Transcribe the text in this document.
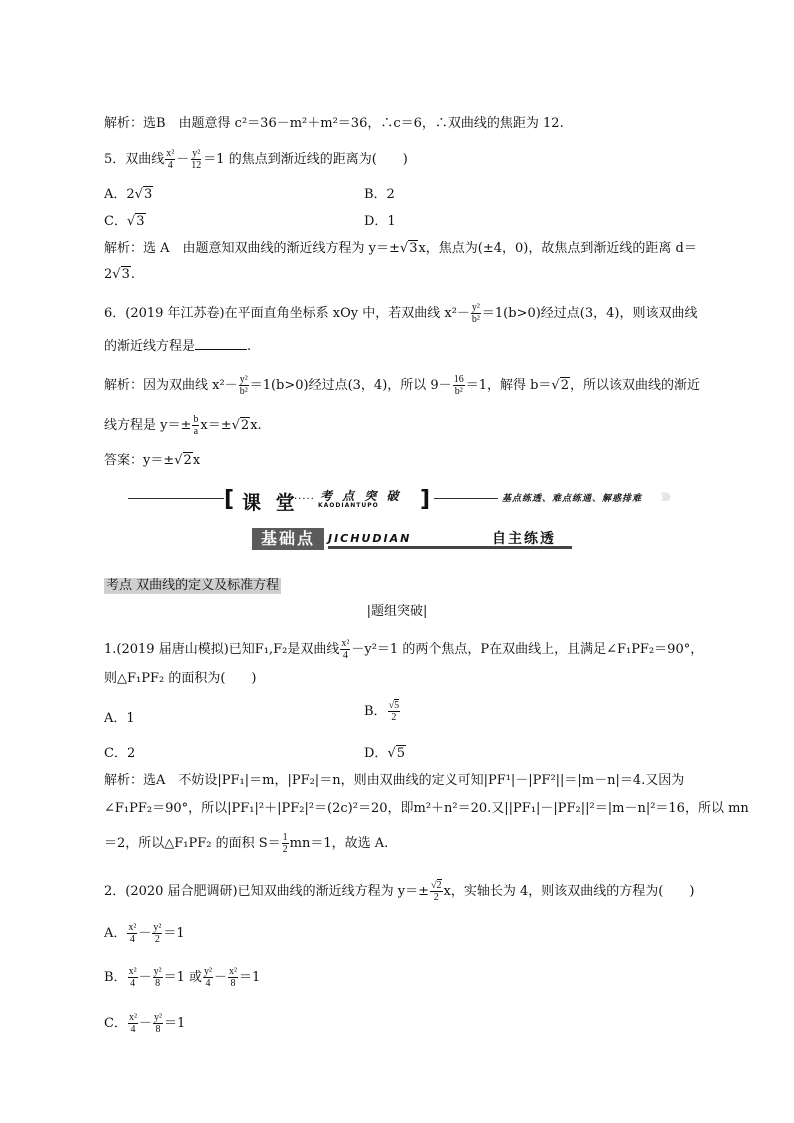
解析：选B　由题意得 c²＝36－m²＋m²＝36，∴c＝6，∴双曲线的焦距为 12.
5．双曲线 $\frac{\text{x²}}{4} - \frac{\text{y²}}{12} =1$ 的焦点到渐近线的距离为(　　)
A．2√3	B．2
C．√3	D．1
解析：选 A　由题意知双曲线的渐近线方程为 y＝±√3x，焦点为(±4，0)，故焦点到渐近线的距离 d＝
2√3.
6．(2019 年江苏卷)在平面直角坐标系 xOy 中，若双曲线 $x^2- \frac{\text{y²}}{\text{b²}} =1(b>0)$经过点(3，4)，则该双曲线
的渐近线方程是	.
解析：因为双曲线 $x^2- \frac{\text{y²}}{\text{b²}} =1(b>0)$经过点(3，4)，所以 $9- \frac{16}{\text{b²}} =1$，解得 b＝√2，所以该双曲线的渐近
线方程是 $y=\pm \frac{b}{a} x=\pm√2x$.
答案：y＝±√2x
[ 课 堂
····· 考 点 突 破
KAODIANTUPO ]	基点练透、难点练通、解惑排难 》》》
基础点	JICHUDIAN	自主练透
考点 双曲线的定义及标准方程
|题组突破|
1.(2019 届唐山模拟)已知F₁,F₂是双曲线 $\frac{\text{x²}}{4} -y^2=1$ 的两个焦点，P在双曲线上，且满足∠F₁PF₂＝90°，
则△F₁PF₂ 的面积为(　　)
A．1	B． $\frac{√5}{2}$
C．2	D．√5
解析：选A　不妨设|PF₁|＝m，|PF₂|＝n，则由双曲线的定义可知|PF¹|－|PF²||＝|m－n|＝4.又因为
∠F₁PF₂＝90°，所以|PF₁|²＋|PF₂|²＝(2c)²＝20，即m²＋n²＝20.又||PF₁|－|PF₂||²＝|m－n|²＝16，所以 mn
＝2，所以△F₁PF₂ 的面积 $S= \frac{1}{2} mn=1$，故选 A.
2．(2020 届合肥调研)已知双曲线的渐近线方程为 $y=\pm \frac{√2}{2}$ x，实轴长为 4，则该双曲线的方程为(　　)
A． $\frac{\text{x²}}{4} - \frac{\text{y²}}{2} =1$
B． $\frac{\text{x²}}{4} - \frac{\text{y²}}{8} =1$ 或 $\frac{\text{y²}}{4} - \frac{\text{x²}}{8} =1$
C． $\frac{\text{x²}}{4} - \frac{\text{y²}}{8} =1$
